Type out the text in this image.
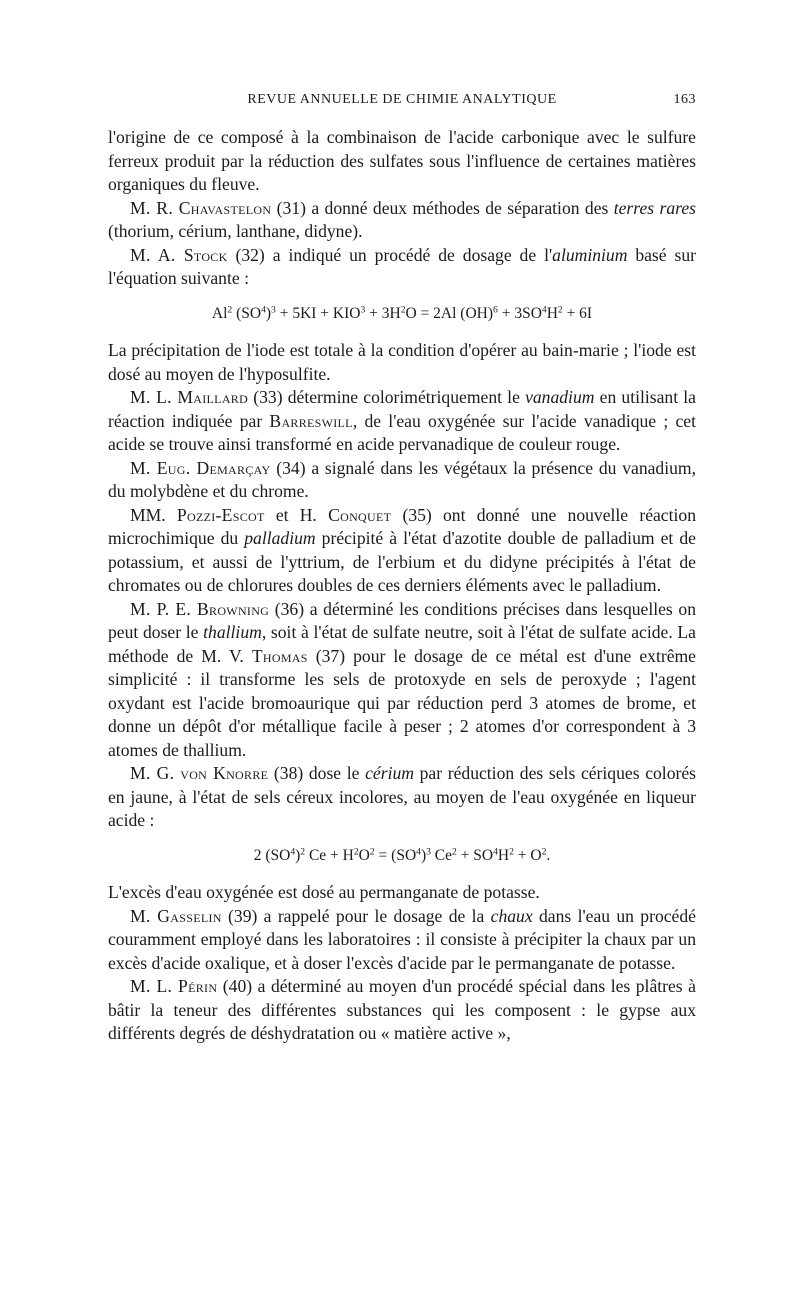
REVUE ANNUELLE DE CHIMIE ANALYTIQUE	163

l'origine de ce composé à la combinaison de l'acide carbonique avec le sulfure ferreux produit par la réduction des sulfates sous l'influence de certaines matières organiques du fleuve.

M. R. Chavastelon (31) a donné deux méthodes de séparation des terres rares (thorium, cérium, lanthane, didyne).

M. A. Stock (32) a indiqué un procédé de dosage de l'aluminium basé sur l'équation suivante :

Al$^2$ $(SO^4)^3 + 5KI + KIO^3 + 3H^2O = 2Al$ $(OH)^6 + 3SO^4H^2 + 6I$

La précipitation de l'iode est totale à la condition d'opérer au bain-marie ; l'iode est dosé au moyen de l'hyposulfite.

M. L. Maillard (33) détermine colorimétriquement le vanadium en utilisant la réaction indiquée par Barreswill, de l'eau oxygénée sur l'acide vanadique ; cet acide se trouve ainsi transformé en acide pervanadique de couleur rouge.

M. Eug. Demarçay (34) a signalé dans les végétaux la présence du vanadium, du molybdène et du chrome.

MM. Pozzi-Escot et H. Conquet (35) ont donné une nouvelle réaction microchimique du palladium précipité à l'état d'azotite double de palladium et de potassium, et aussi de l'yttrium, de l'erbium et du didyne précipités à l'état de chromates ou de chlorures doubles de ces derniers éléments avec le palladium.

M. P. E. Browning (36) a déterminé les conditions précises dans lesquelles on peut doser le thallium, soit à l'état de sulfate neutre, soit à l'état de sulfate acide. La méthode de M. V. Thomas (37) pour le dosage de ce métal est d'une extrême simplicité : il transforme les sels de protoxyde en sels de peroxyde ; l'agent oxydant est l'acide bromoaurique qui par réduction perd 3 atomes de brome, et donne un dépôt d'or métallique facile à peser ; 2 atomes d'or correspondent à 3 atomes de thallium.

M. G. von Knorre (38) dose le cérium par réduction des sels cériques colorés en jaune, à l'état de sels céreux incolores, au moyen de l'eau oxygénée en liqueur acide :

2 $(SO^4)^2$ $Ce + H^2O^2 = (SO^4)^3$ $Ce^2 + SO^4H^2 + O^2$.

L'excès d'eau oxygénée est dosé au permanganate de potasse.

M. Gasselin (39) a rappelé pour le dosage de la chaux dans l'eau un procédé couramment employé dans les laboratoires : il consiste à précipiter la chaux par un excès d'acide oxalique, et à doser l'excès d'acide par le permanganate de potasse.

M. L. Périn (40) a déterminé au moyen d'un procédé spécial dans les plâtres à bâtir la teneur des différentes substances qui les composent : le gypse aux différents degrés de déshydratation ou « matière active »,
